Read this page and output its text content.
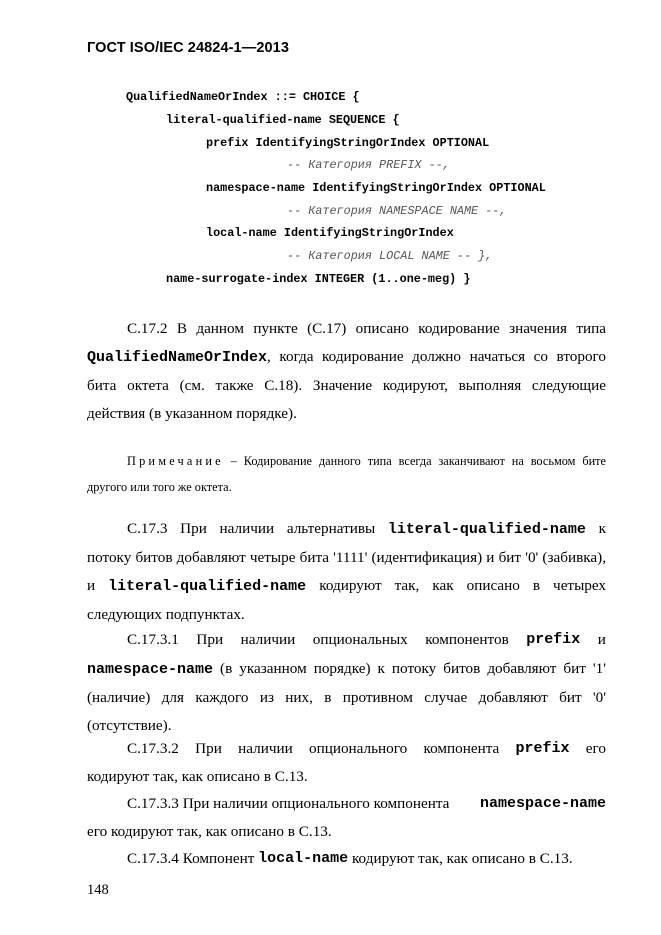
ГОСТ ISO/IEC 24824-1—2013
QualifiedNameOrIndex ::= CHOICE {
literal-qualified-name SEQUENCE {
prefix IdentifyingStringOrIndex OPTIONAL
-- Категория PREFIX --,
namespace-name IdentifyingStringOrIndex OPTIONAL
-- Категория NAMESPACE NAME --,
local-name IdentifyingStringOrIndex
-- Категория LOCAL NAME -- },
name-surrogate-index INTEGER (1..one-meg) }
С.17.2 В данном пункте (С.17) описано кодирование значения типа QualifiedNameOrIndex, когда кодирование должно начаться со второго бита октета (см. также С.18). Значение кодируют, выполняя следующие действия (в указанном порядке).
Примечание – Кодирование данного типа всегда заканчивают на восьмом бите другого или того же октета.
С.17.3 При наличии альтернативы literal-qualified-name к потоку битов добавляют четыре бита '1111' (идентификация) и бит '0' (забивка), и literal-qualified-name кодируют так, как описано в четырех следующих подпунктах.
С.17.3.1 При наличии опциональных компонентов prefix и
namespace-name (в указанном порядке) к потоку битов добавляют бит '1' (наличие) для каждого из них, в противном случае добавляют бит '0' (отсутствие).
С.17.3.2 При наличии опционального компонента prefix его
кодируют так, как описано в С.13.
С.17.3.3 При наличии опционального компонента namespace-name
его кодируют так, как описано в С.13.
С.17.3.4 Компонент
local-name
кодируют так, как описано в С.13.
148
